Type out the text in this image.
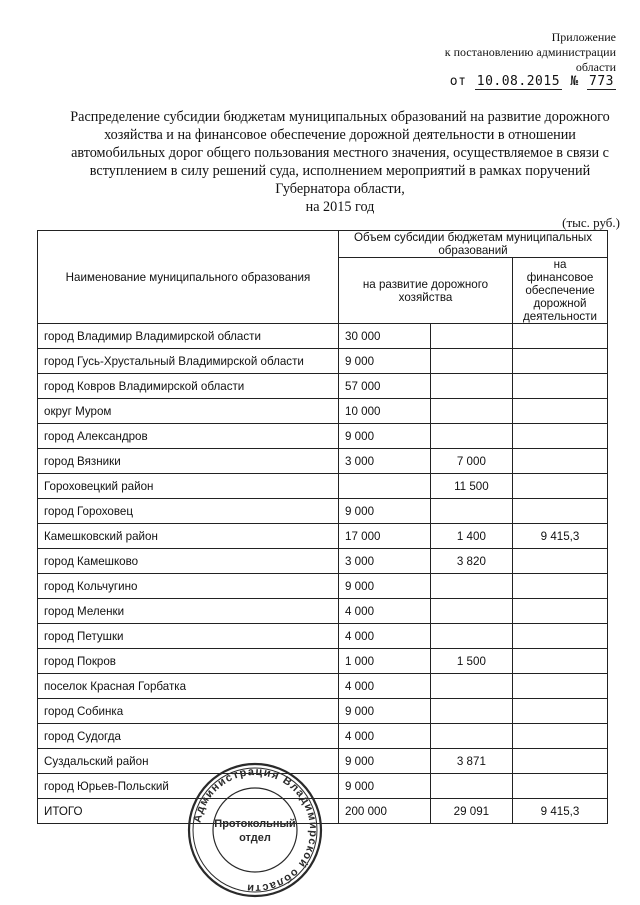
Приложение
к постановлению администрации
области
от 10.08.2015 № 773
Распределение субсидии бюджетам муниципальных образований на развитие дорожного хозяйства и на финансовое обеспечение дорожной деятельности в отношении автомобильных дорог общего пользования местного значения, осуществляемое в связи с вступлением в силу решений суда, исполнением мероприятий в рамках поручений Губернатора области,
на 2015 год
(тыс. руб.)
Наименование муниципального образования	Объем субсидии бюджетам муниципальных образований		
	на развитие дорожного хозяйства		на финансовое обеспечение дорожной деятельности
город Владимир Владимирской области	30 000		
город Гусь-Хрустальный Владимирской области	9 000		
город Ковров Владимирской области	57 000		
округ Муром	10 000		
город Александров	9 000		
город Вязники	3 000	7 000	
Гороховецкий район		11 500	
город Гороховец	9 000		
Камешковский район	17 000	1 400	9 415,3
город Камешково	3 000	3 820	
город Кольчугино	9 000		
город Меленки	4 000		
город Петушки	4 000		
город Покров	1 000	1 500	
поселок Красная Горбатка	4 000		
город Собинка	9 000		
город Судогда	4 000		
Суздальский район	9 000	3 871	
город Юрьев-Польский	9 000		
ИТОГО	200 000	29 091	9 415,3
Администрация Владимирской области
Протокольный
отдел
